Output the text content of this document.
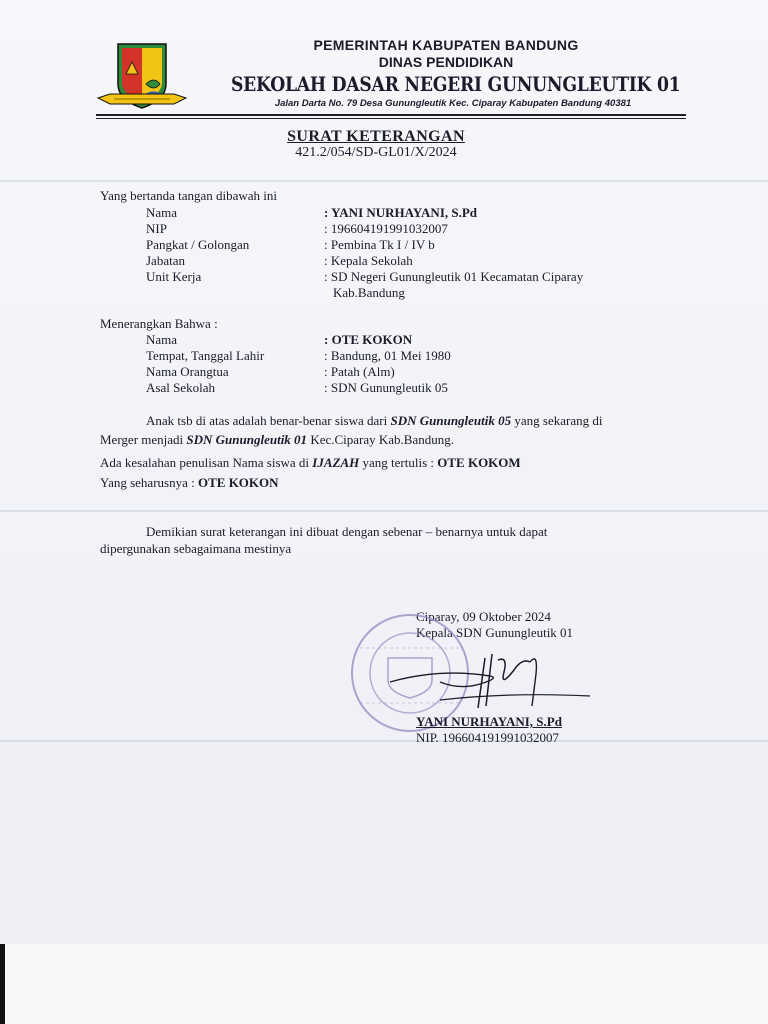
PEMERINTAH KABUPATEN BANDUNG
DINAS PENDIDIKAN
SEKOLAH DASAR NEGERI GUNUNGLEUTIK 01
Jalan Darta No. 79 Desa Gunungleutik Kec. Ciparay Kabupaten Bandung 40381
SURAT KETERANGAN
421.2/054/SD-GL01/X/2024
Yang bertanda tangan dibawah ini
Nama	: YANI NURHAYANI, S.Pd
NIP	: 196604191991032007
Pangkat / Golongan	: Pembina Tk I / IV b
Jabatan	: Kepala Sekolah
Unit Kerja	: SD Negeri Gunungleutik 01 Kecamatan Ciparay
Kab.Bandung
Menerangkan Bahwa :
Nama	: OTE KOKON
Tempat, Tanggal Lahir	: Bandung, 01 Mei 1980
Nama Orangtua	: Patah (Alm)
Asal Sekolah	: SDN Gunungleutik 05
Anak tsb di atas adalah benar-benar siswa dari SDN Gunungleutik 05 yang sekarang di
Merger menjadi SDN Gunungleutik 01 Kec.Ciparay Kab.Bandung.
Ada kesalahan penulisan Nama siswa di IJAZAH yang tertulis : OTE KOKOM
Yang seharusnya : OTE KOKON
Demikian surat keterangan ini dibuat dengan sebenar – benarnya untuk dapat
dipergunakan sebagaimana mestinya
Ciparay, 09 Oktober 2024
Kepala SDN Gunungleutik 01
YANI NURHAYANI, S.Pd
NIP. 196604191991032007
